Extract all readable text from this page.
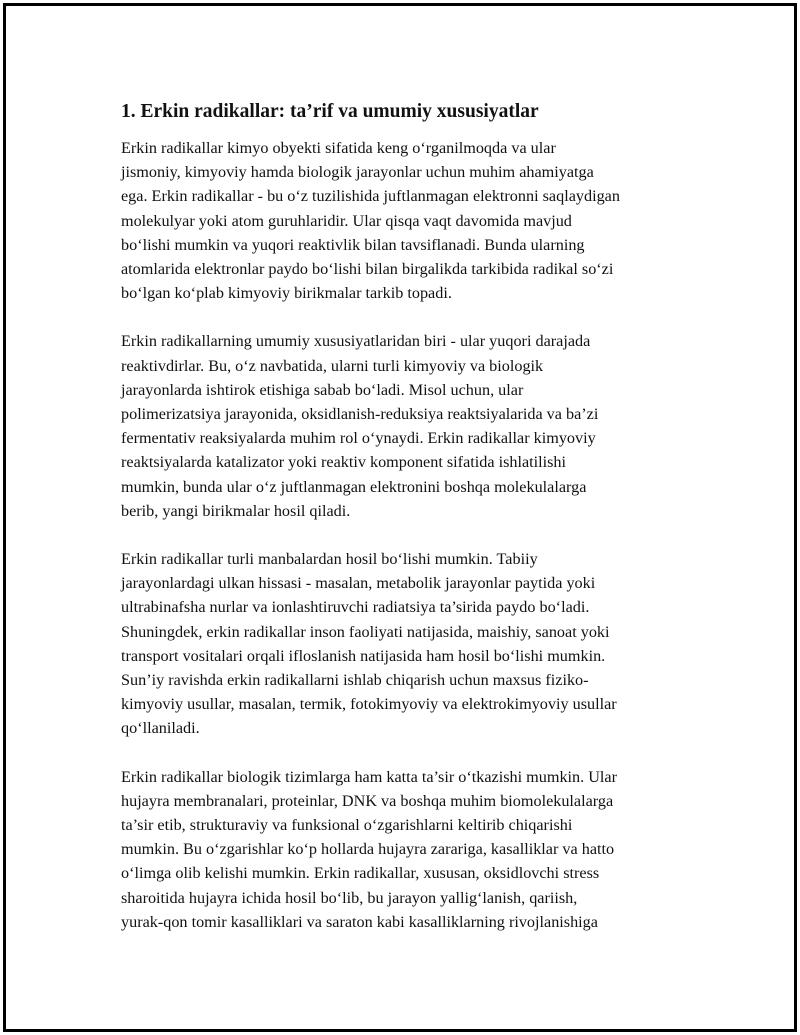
1. Erkin radikallar: ta’rif va umumiy xususiyatlar

Erkin radikallar kimyo obyekti sifatida keng o‘rganilmoqda va ular
jismoniy, kimyoviy hamda biologik jarayonlar uchun muhim ahamiyatga
ega. Erkin radikallar - bu o‘z tuzilishida juftlanmagan elektronni saqlaydigan
molekulyar yoki atom guruhlaridir. Ular qisqa vaqt davomida mavjud
bo‘lishi mumkin va yuqori reaktivlik bilan tavsiflanadi. Bunda ularning
atomlarida elektronlar paydo bo‘lishi bilan birgalikda tarkibida radikal so‘zi
bo‘lgan ko‘plab kimyoviy birikmalar tarkib topadi.

Erkin radikallarning umumiy xususiyatlaridan biri - ular yuqori darajada
reaktivdirlar. Bu, o‘z navbatida, ularni turli kimyoviy va biologik
jarayonlarda ishtirok etishiga sabab bo‘ladi. Misol uchun, ular
polimerizatsiya jarayonida, oksidlanish-reduksiya reaktsiyalarida va ba’zi
fermentativ reaksiyalarda muhim rol o‘ynaydi. Erkin radikallar kimyoviy
reaktsiyalarda katalizator yoki reaktiv komponent sifatida ishlatilishi
mumkin, bunda ular o‘z juftlanmagan elektronini boshqa molekulalarga
berib, yangi birikmalar hosil qiladi.

Erkin radikallar turli manbalardan hosil bo‘lishi mumkin. Tabiiy
jarayonlardagi ulkan hissasi - masalan, metabolik jarayonlar paytida yoki
ultrabinafsha nurlar va ionlashtiruvchi radiatsiya ta’sirida paydo bo‘ladi.
Shuningdek, erkin radikallar inson faoliyati natijasida, maishiy, sanoat yoki
transport vositalari orqali ifloslanish natijasida ham hosil bo‘lishi mumkin.
Sun’iy ravishda erkin radikallarni ishlab chiqarish uchun maxsus fiziko-
kimyoviy usullar, masalan, termik, fotokimyoviy va elektrokimyoviy usullar
qo‘llaniladi.

Erkin radikallar biologik tizimlarga ham katta ta’sir o‘tkazishi mumkin. Ular
hujayra membranalari, proteinlar, DNK va boshqa muhim biomolekulalarga
ta’sir etib, strukturaviy va funksional o‘zgarishlarni keltirib chiqarishi
mumkin. Bu o‘zgarishlar ko‘p hollarda hujayra zarariga, kasalliklar va hatto
o‘limga olib kelishi mumkin. Erkin radikallar, xususan, oksidlovchi stress
sharoitida hujayra ichida hosil bo‘lib, bu jarayon yallig‘lanish, qariish,
yurak-qon tomir kasalliklari va saraton kabi kasalliklarning rivojlanishiga
